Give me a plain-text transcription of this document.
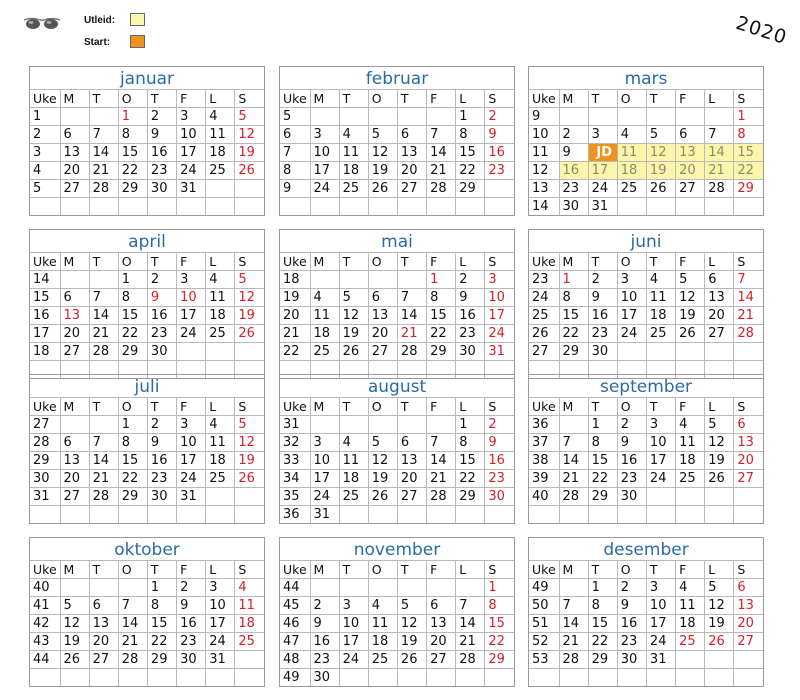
Utleid:
Start:	2020
januar
Uke	M	T	O	T	F	L	S
1			1	2	3	4	5
2	6	7	8	9	10	11	12
3	13	14	15	16	17	18	19
4	20	21	22	23	24	25	26
5	27	28	29	30	31		

februar
Uke	M	T	O	T	F	L	S
5						1	2
6	3	4	5	6	7	8	9
7	10	11	12	13	14	15	16
8	17	18	19	20	21	22	23
9	24	25	26	27	28	29	

mars
Uke	M	T	O	T	F	L	S
9							1
10	2	3	4	5	6	7	8
11	9	JD	11	12	13	14	15
12	16	17	18	19	20	21	22
13	23	24	25	26	27	28	29
14	30	31					
april
Uke	M	T	O	T	F	L	S
14			1	2	3	4	5
15	6	7	8	9	10	11	12
16	13	14	15	16	17	18	19
17	20	21	22	23	24	25	26
18	27	28	29	30			

mai
Uke	M	T	O	T	F	L	S
18					1	2	3
19	4	5	6	7	8	9	10
20	11	12	13	14	15	16	17
21	18	19	20	21	22	23	24
22	25	26	27	28	29	30	31

juni
Uke	M	T	O	T	F	L	S
23	1	2	3	4	5	6	7
24	8	9	10	11	12	13	14
25	15	16	17	18	19	20	21
26	22	23	24	25	26	27	28
27	29	30					

juli
Uke	M	T	O	T	F	L	S
27			1	2	3	4	5
28	6	7	8	9	10	11	12
29	13	14	15	16	17	18	19
30	20	21	22	23	24	25	26
31	27	28	29	30	31		

august
Uke	M	T	O	T	F	L	S
31						1	2
32	3	4	5	6	7	8	9
33	10	11	12	13	14	15	16
34	17	18	19	20	21	22	23
35	24	25	26	27	28	29	30
36	31						
september
Uke	M	T	O	T	F	L	S
36		1	2	3	4	5	6
37	7	8	9	10	11	12	13
38	14	15	16	17	18	19	20
39	21	22	23	24	25	26	27
40	28	29	30				

oktober
Uke	M	T	O	T	F	L	S
40				1	2	3	4
41	5	6	7	8	9	10	11
42	12	13	14	15	16	17	18
43	19	20	21	22	23	24	25
44	26	27	28	29	30	31	

november
Uke	M	T	O	T	F	L	S
44							1
45	2	3	4	5	6	7	8
46	9	10	11	12	13	14	15
47	16	17	18	19	20	21	22
48	23	24	25	26	27	28	29
49	30						
desember
Uke	M	T	O	T	F	L	S
49		1	2	3	4	5	6
50	7	8	9	10	11	12	13
51	14	15	16	17	18	19	20
52	21	22	23	24	25	26	27
53	28	29	30	31			
